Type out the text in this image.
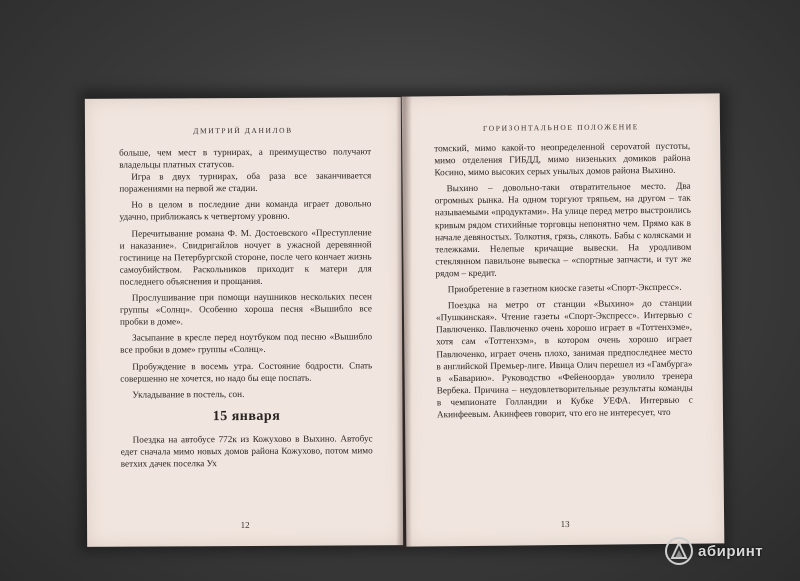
ДМИТРИЙ ДАНИЛОВ

больше, чем мест в турнирах, а преимущество получают владельцы платных статусов.

Игра в двух турнирах, оба раза все заканчивается поражениями на первой же стадии.

Но в целом в последние дни команда играет довольно удачно, приближаясь к четвертому уровню.

Перечитывание романа Ф. М. Достоевского «Преступление и наказание». Свидригайлов ночует в ужасной деревянной гостинице на Петербургской стороне, после чего кончает жизнь самоубийством. Раскольников приходит к матери для последнего объяснения и прощания.

Прослушивание при помощи наушников нескольких песен группы «Солнц». Особенно хороша песня «Вышибло все пробки в доме».

Засыпание в кресле перед ноутбуком под песню «Вышибло все пробки в доме» группы «Солнц».

Пробуждение в восемь утра. Состояние бодрости. Спать совершенно не хочется, но надо бы еще поспать.

Укладывание в постель, сон.

15 января

Поездка на автобусе 772к из Кожухово в Выхино. Автобус едет сначала мимо новых домов района Кожухово, потом мимо ветхих дачек поселка Ух

12
ГОРИЗОНТАЛЬНОЕ ПОЛОЖЕНИЕ

томский, мимо какой-то неопределенной серovатой пустоты, мимо отделения ГИБДД, мимо низеньких домиков района Косино, мимо высоких серых унылых домов района Выхино.

Выхино – довольно-таки отвратительное место. Два огромных рынка. На одном торгуют тряпьем, на другом – так называемыми «продуктами». На улице перед метро выстроились кривым рядом стихийные торговцы непонятно чем. Прямо как в начале девяностых. Толкотня, грязь, слякоть. Бабы с колясками и тележками. Нелепые кричащие вывески. На уродливом стеклянном павильоне вывеска – «спортные запчасти, и тут же рядом – кредит.

Приобретение в газетном киоске газеты «Спорт-Экспресс».

Поездка на метро от станции «Выхино» до станции «Пушкинская». Чтение газеты «Спорт-Экспресс». Интервью с Павлюченко. Павлюченко очень хорошо играет в «Тоттенхэме», хотя сам «Тоттенхэм», в котором очень хорошо играет Павлюченко, играет очень плохо, занимая предпоследнее место в английской Премьер-лиге. Ивица Олич перешел из «Гамбурга» в «Баварию». Руководство «Фейеноорда» уволило тренера Вербека. Причина – неудовлетворительные результаты команды в чемпионате Голландии и Кубке УЕФА. Интервью с Акинфеевым. Акинфеев говорит, что его не интересует, что

13
абиринт
